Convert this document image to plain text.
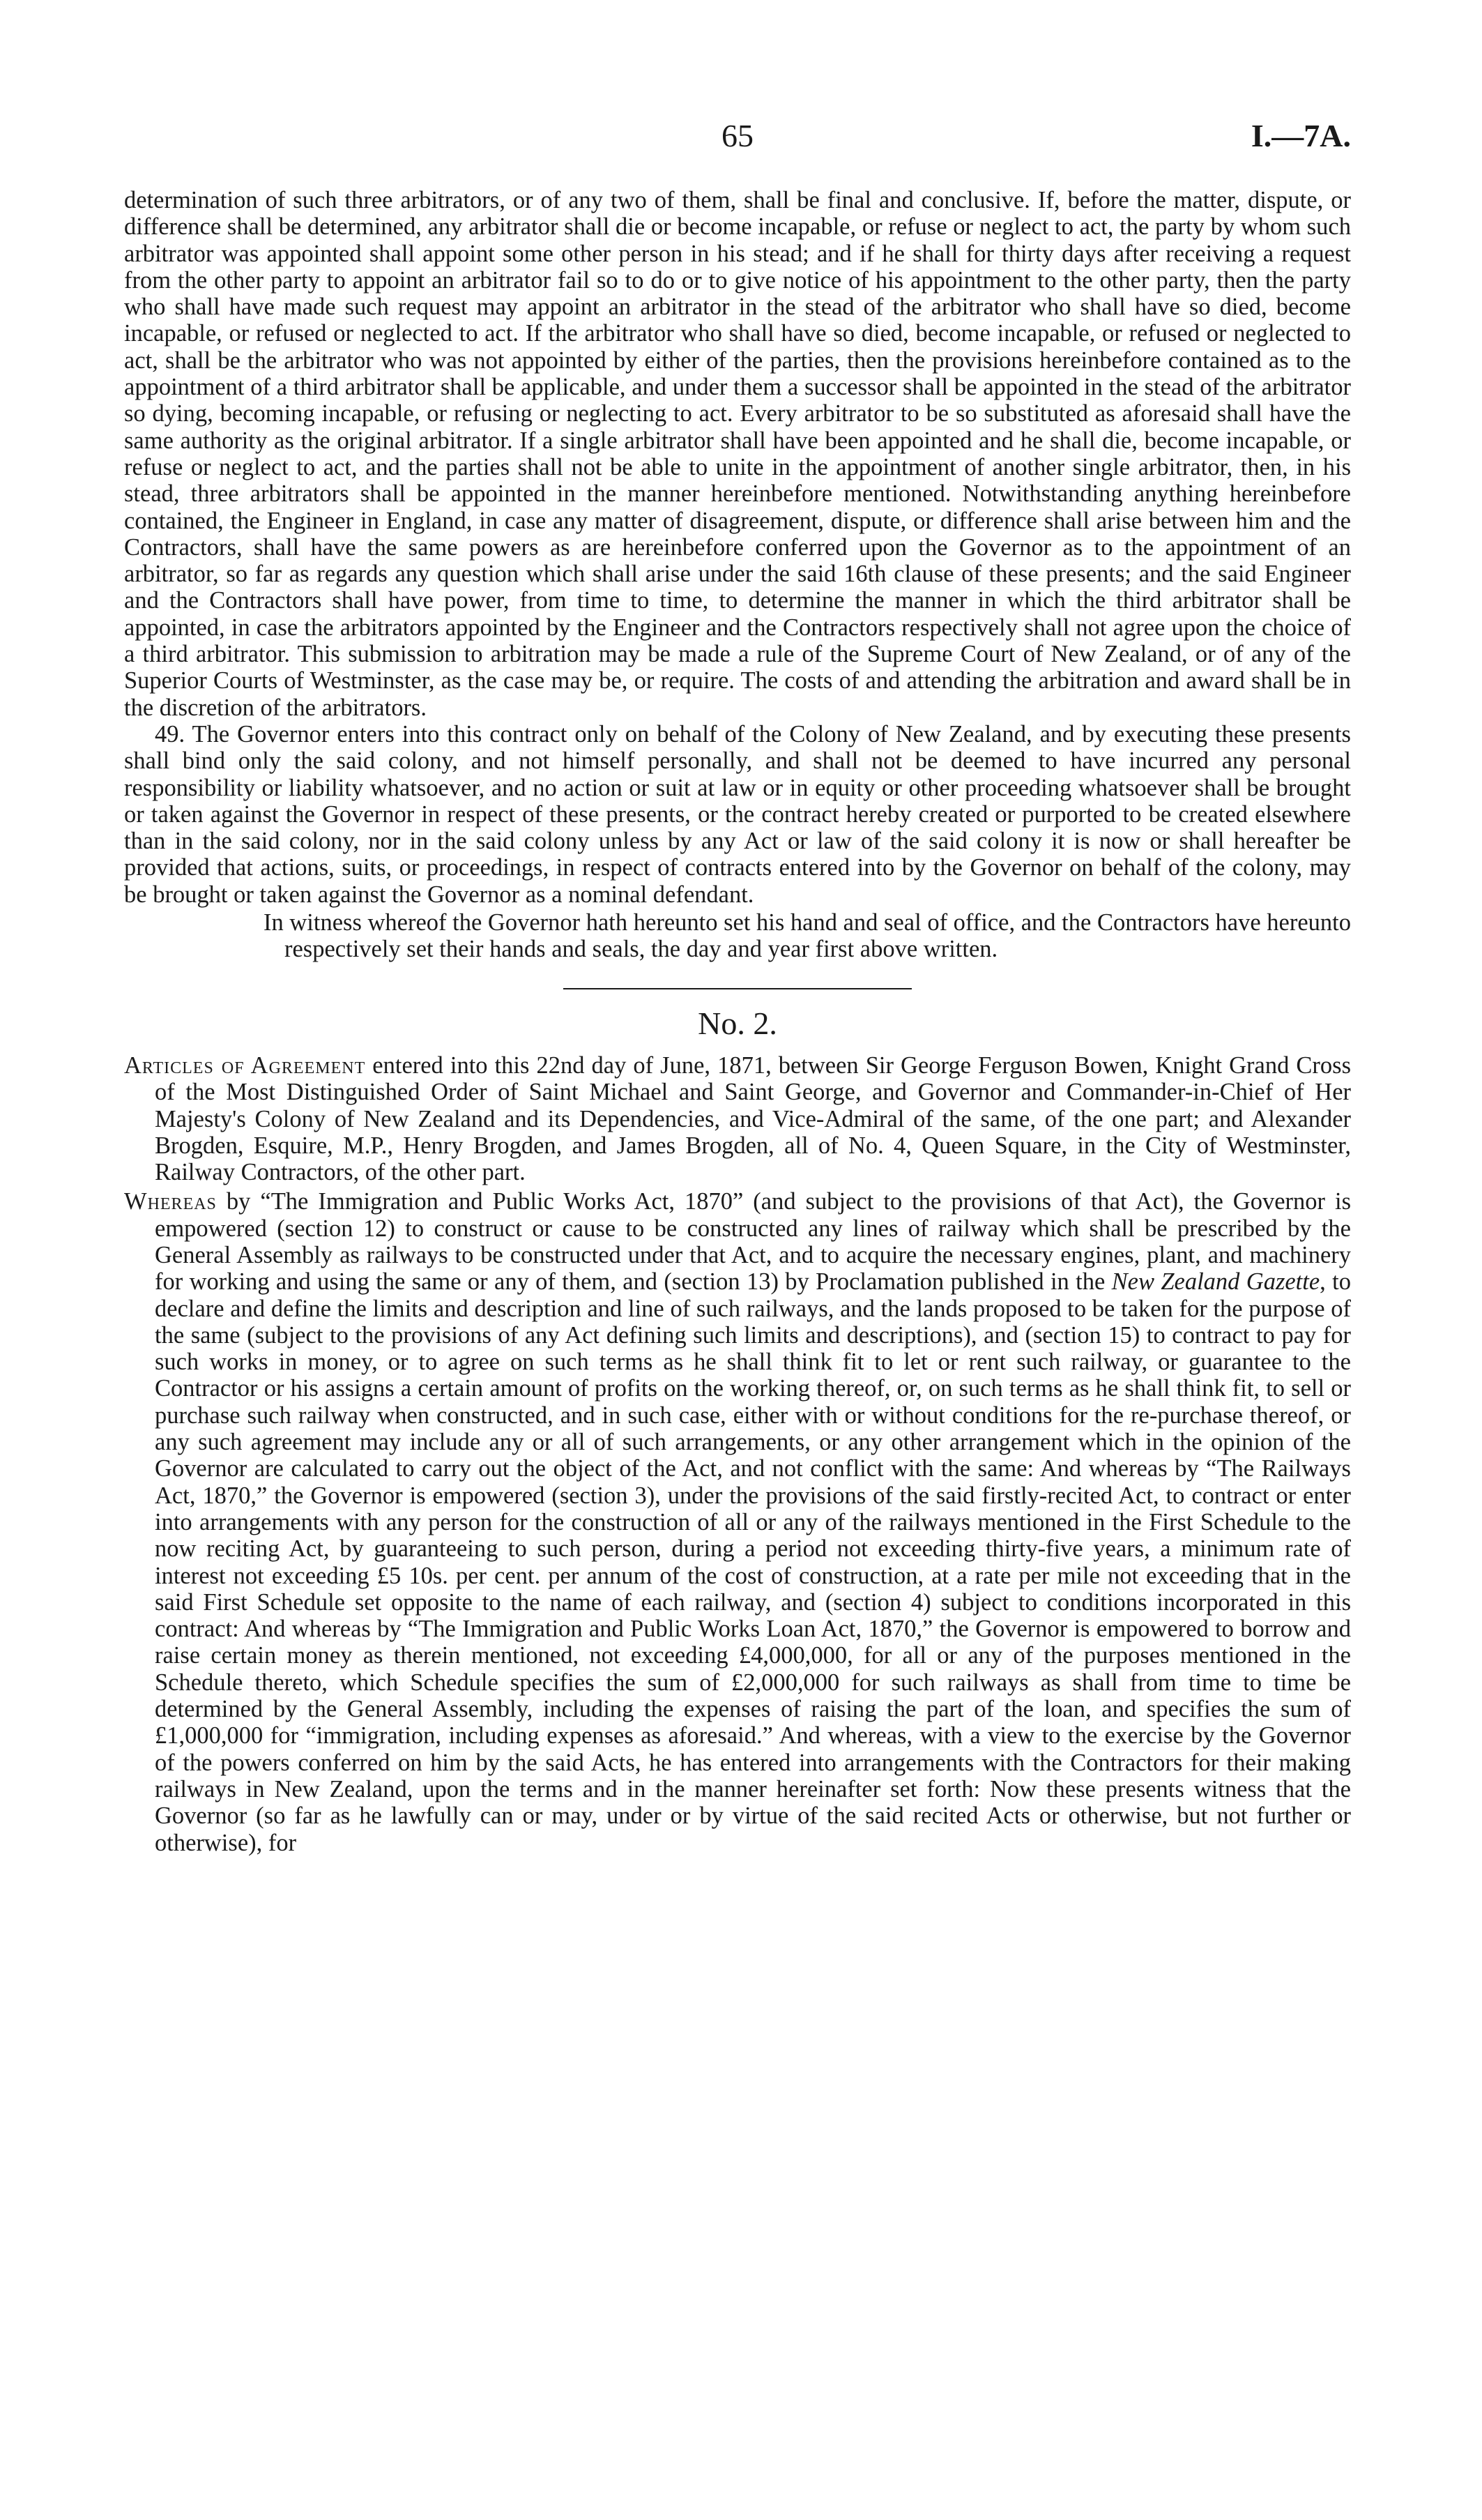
65	I.—7A.

determination of such three arbitrators, or of any two of them, shall be final and conclusive. If, before the matter, dispute, or difference shall be determined, any arbitrator shall die or become incapable, or refuse or neglect to act, the party by whom such arbitrator was appointed shall appoint some other person in his stead; and if he shall for thirty days after receiving a request from the other party to appoint an arbitrator fail so to do or to give notice of his appointment to the other party, then the party who shall have made such request may appoint an arbitrator in the stead of the arbitrator who shall have so died, become incapable, or refused or neglected to act. If the arbitrator who shall have so died, become incapable, or refused or neglected to act, shall be the arbitrator who was not appointed by either of the parties, then the provisions hereinbefore contained as to the appointment of a third arbitrator shall be applicable, and under them a successor shall be appointed in the stead of the arbitrator so dying, becoming incapable, or refusing or neglecting to act. Every arbitrator to be so substituted as aforesaid shall have the same authority as the original arbitrator. If a single arbitrator shall have been appointed and he shall die, become incapable, or refuse or neglect to act, and the parties shall not be able to unite in the appointment of another single arbitrator, then, in his stead, three arbitrators shall be appointed in the manner hereinbefore mentioned. Notwithstanding anything hereinbefore contained, the Engineer in England, in case any matter of disagreement, dispute, or difference shall arise between him and the Contractors, shall have the same powers as are hereinbefore conferred upon the Governor as to the appointment of an arbitrator, so far as regards any question which shall arise under the said 16th clause of these presents; and the said Engineer and the Contractors shall have power, from time to time, to determine the manner in which the third arbitrator shall be appointed, in case the arbitrators appointed by the Engineer and the Contractors respectively shall not agree upon the choice of a third arbitrator. This submission to arbitration may be made a rule of the Supreme Court of New Zealand, or of any of the Superior Courts of Westminster, as the case may be, or require. The costs of and attending the arbitration and award shall be in the discretion of the arbitrators.

49. The Governor enters into this contract only on behalf of the Colony of New Zealand, and by executing these presents shall bind only the said colony, and not himself personally, and shall not be deemed to have incurred any personal responsibility or liability whatsoever, and no action or suit at law or in equity or other proceeding whatsoever shall be brought or taken against the Governor in respect of these presents, or the contract hereby created or purported to be created elsewhere than in the said colony, nor in the said colony unless by any Act or law of the said colony it is now or shall hereafter be provided that actions, suits, or proceedings, in respect of contracts entered into by the Governor on behalf of the colony, may be brought or taken against the Governor as a nominal defendant.

In witness whereof the Governor hath hereunto set his hand and seal of office, and the Contractors have hereunto respectively set their hands and seals, the day and year first above written.

No. 2.

Articles of Agreement entered into this 22nd day of June, 1871, between Sir George Ferguson Bowen, Knight Grand Cross of the Most Distinguished Order of Saint Michael and Saint George, and Governor and Commander-in-Chief of Her Majesty's Colony of New Zealand and its Dependencies, and Vice-Admiral of the same, of the one part; and Alexander Brogden, Esquire, M.P., Henry Brogden, and James Brogden, all of No. 4, Queen Square, in the City of Westminster, Railway Contractors, of the other part.

Whereas by “The Immigration and Public Works Act, 1870” (and subject to the provisions of that Act), the Governor is empowered (section 12) to construct or cause to be constructed any lines of railway which shall be prescribed by the General Assembly as railways to be constructed under that Act, and to acquire the necessary engines, plant, and machinery for working and using the same or any of them, and (section 13) by Proclamation published in the New Zealand Gazette, to declare and define the limits and description and line of such railways, and the lands proposed to be taken for the purpose of the same (subject to the provisions of any Act defining such limits and descriptions), and (section 15) to contract to pay for such works in money, or to agree on such terms as he shall think fit to let or rent such railway, or guarantee to the Contractor or his assigns a certain amount of profits on the working thereof, or, on such terms as he shall think fit, to sell or purchase such railway when constructed, and in such case, either with or without conditions for the re-purchase thereof, or any such agreement may include any or all of such arrangements, or any other arrangement which in the opinion of the Governor are calculated to carry out the object of the Act, and not conflict with the same: And whereas by “The Railways Act, 1870,” the Governor is empowered (section 3), under the provisions of the said firstly-recited Act, to contract or enter into arrangements with any person for the construction of all or any of the railways mentioned in the First Schedule to the now reciting Act, by guaranteeing to such person, during a period not exceeding thirty-five years, a minimum rate of interest not exceeding £5 10s. per cent. per annum of the cost of construction, at a rate per mile not exceeding that in the said First Schedule set opposite to the name of each railway, and (section 4) subject to conditions incorporated in this contract: And whereas by “The Immigration and Public Works Loan Act, 1870,” the Governor is empowered to borrow and raise certain money as therein mentioned, not exceeding £4,000,000, for all or any of the purposes mentioned in the Schedule thereto, which Schedule specifies the sum of £2,000,000 for such railways as shall from time to time be determined by the General Assembly, including the expenses of raising the part of the loan, and specifies the sum of £1,000,000 for “immigration, including expenses as aforesaid.” And whereas, with a view to the exercise by the Governor of the powers conferred on him by the said Acts, he has entered into arrangements with the Contractors for their making railways in New Zealand, upon the terms and in the manner hereinafter set forth: Now these presents witness that the Governor (so far as he lawfully can or may, under or by virtue of the said recited Acts or otherwise, but not further or otherwise), for
